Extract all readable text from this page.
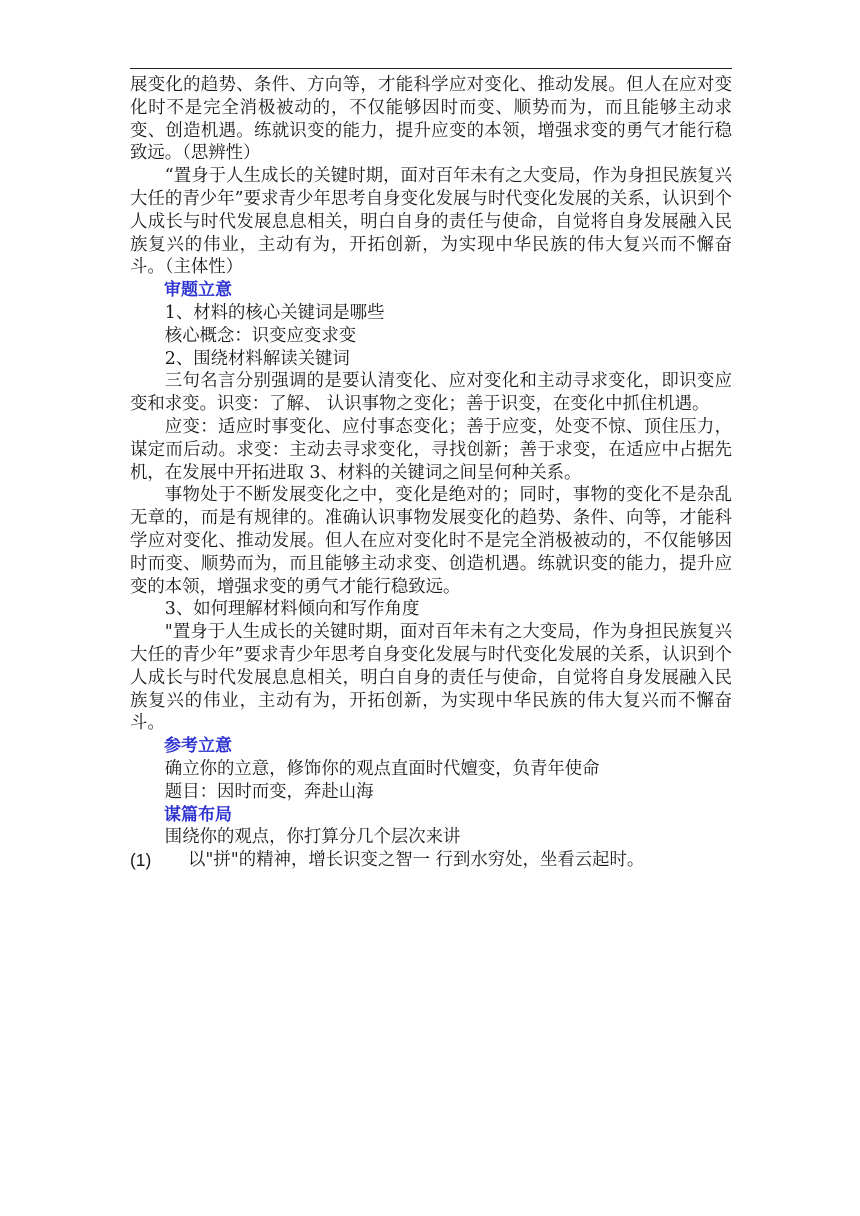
展变化的趋势、条件、方向等，才能科学应对变化、推动发展。但人在应对变化时不是完全消极被动的，不仅能够因时而变、顺势而为，而且能够主动求变、创造机遇。练就识变的能力，提升应变的本领，增强求变的勇气才能行稳致远。（思辨性）

“置身于人生成长的关键时期，面对百年未有之大变局，作为身担民族复兴大任的青少年”要求青少年思考自身变化发展与时代变化发展的关系，认识到个人成长与时代发展息息相关，明白自身的责任与使命，自觉将自身发展融入民族复兴的伟业，主动有为，开拓创新，为实现中华民族的伟大复兴而不懈奋斗。（主体性）

审题立意

1、材料的核心关键词是哪些

核心概念：识变应变求变

2、围绕材料解读关键词

三句名言分别强调的是要认清变化、应对变化和主动寻求变化，即识变应变和求变。识变：了解、 认识事物之变化；善于识变，在变化中抓住机遇。

应变：适应时事变化、应付事态变化；善于应变，处变不惊、顶住压力，谋定而后动。求变：主动去寻求变化，寻找创新；善于求变，在适应中占据先机，在发展中开拓进取 3、材料的关键词之间呈何种关系。

事物处于不断发展变化之中，变化是绝对的；同时，事物的变化不是杂乱无章的，而是有规律的。准确认识事物发展变化的趋势、条件、向等，才能科学应对变化、推动发展。但人在应对变化时不是完全消极被动的，不仅能够因时而变、顺势而为，而且能够主动求变、创造机遇。练就识变的能力，提升应变的本领，增强求变的勇气才能行稳致远。

3、如何理解材料倾向和写作角度

"置身于人生成长的关键时期，面对百年未有之大变局，作为身担民族复兴大任的青少年”要求青少年思考自身变化发展与时代变化发展的关系，认识到个人成长与时代发展息息相关，明白自身的责任与使命，自觉将自身发展融入民族复兴的伟业，主动有为，开拓创新，为实现中华民族的伟大复兴而不懈奋斗。

参考立意

确立你的立意，修饰你的观点直面时代嬗变，负青年使命

题目：因时而变，奔赴山海

谋篇布局

围绕你的观点，你打算分几个层次来讲

(1)	以"拼"的精神，增长识变之智一 行到水穷处，坐看云起时。
